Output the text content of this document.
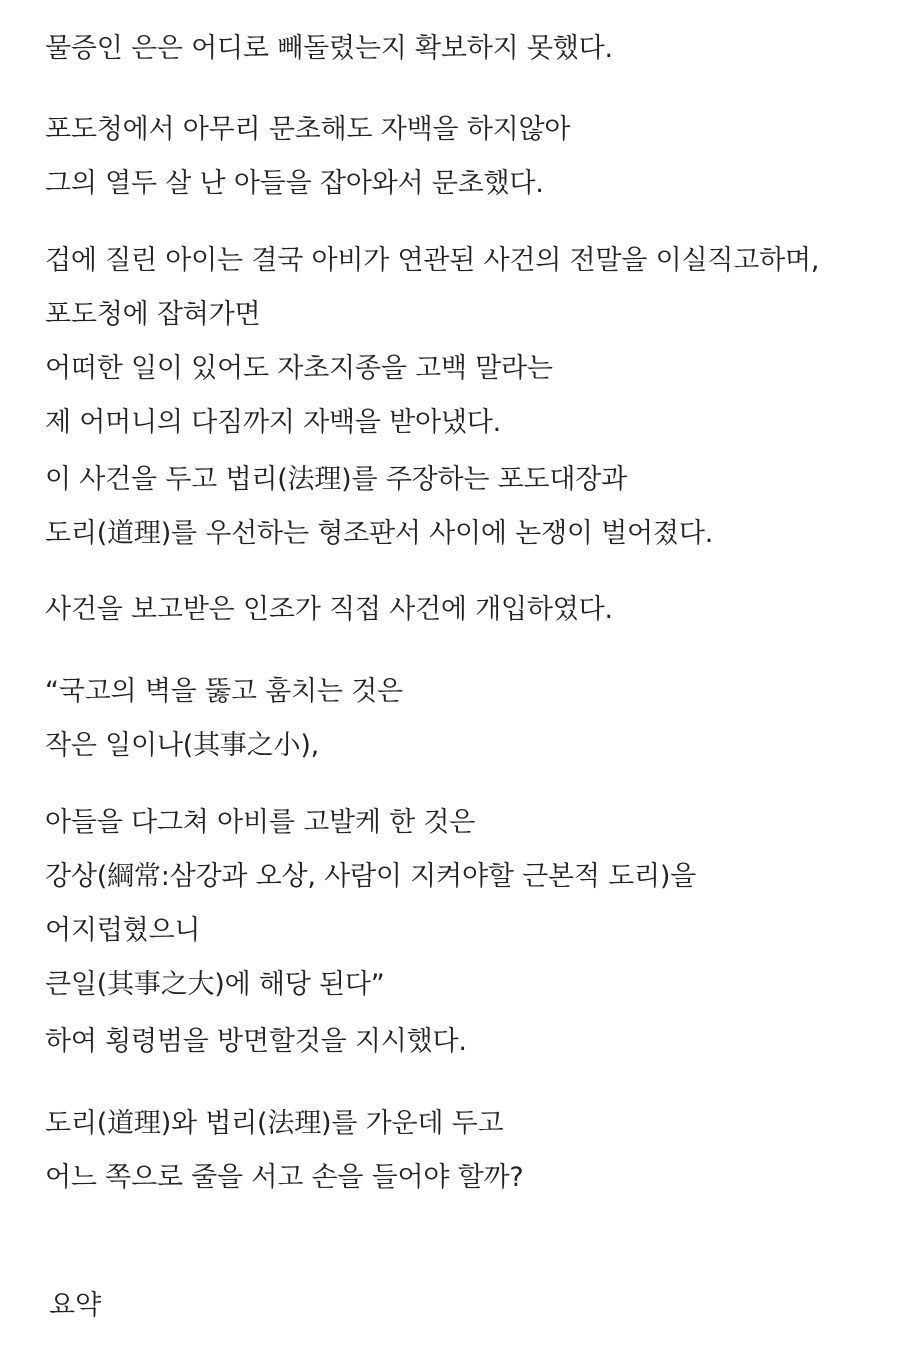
물증인 은은 어디로 빼돌렸는지 확보하지 못했다.

포도청에서 아무리 문초해도 자백을 하지않아
그의 열두 살 난 아들을 잡아와서 문초했다.

겁에 질린 아이는 결국 아비가 연관된 사건의 전말을 이실직고하며,
포도청에 잡혀가면
어떠한 일이 있어도 자초지종을 고백 말라는
제 어머니의 다짐까지 자백을 받아냈다.

이 사건을 두고 법리(法理)를 주장하는 포도대장과
도리(道理)를 우선하는 형조판서 사이에 논쟁이 벌어졌다.

사건을 보고받은 인조가 직접 사건에 개입하였다.

“국고의 벽을 뚫고 훔치는 것은
작은 일이나(其事之小),

아들을 다그쳐 아비를 고발케 한 것은
강상(綱常:삼강과 오상, 사람이 지켜야할 근본적 도리)을
어지럽혔으니
큰일(其事之大)에 해당 된다”

하여 횡령범을 방면할것을 지시했다.

도리(道理)와 법리(法理)를 가운데 두고
어느 쪽으로 줄을 서고 손을 들어야 할까?

요약
